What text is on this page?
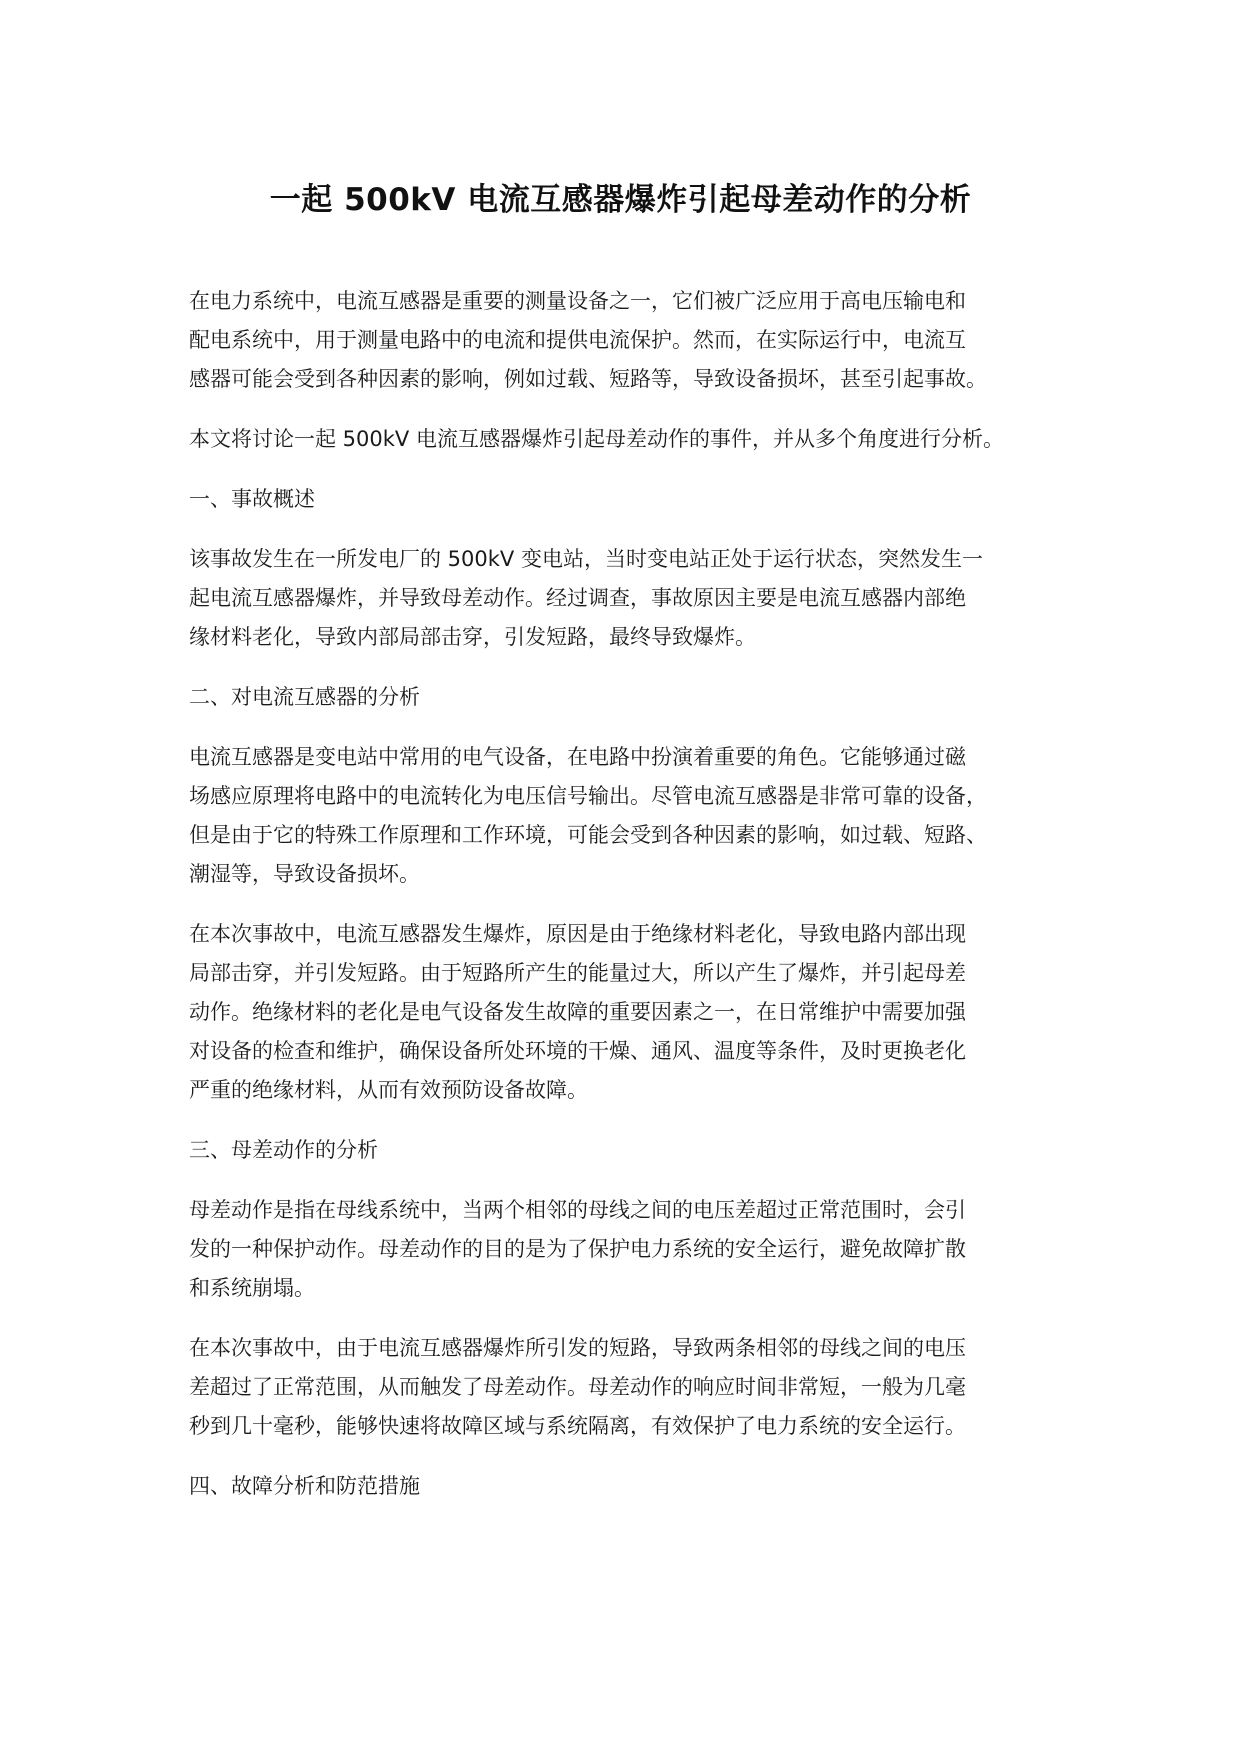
一起 500kV 电流互感器爆炸引起母差动作的分析

在电力系统中，电流互感器是重要的测量设备之一，它们被广泛应用于高电压输电和
配电系统中，用于测量电路中的电流和提供电流保护。然而，在实际运行中，电流互
感器可能会受到各种因素的影响，例如过载、短路等，导致设备损坏，甚至引起事故。

本文将讨论一起 500kV 电流互感器爆炸引起母差动作的事件，并从多个角度进行分析。

一、事故概述

该事故发生在一所发电厂的 500kV 变电站，当时变电站正处于运行状态，突然发生一
起电流互感器爆炸，并导致母差动作。经过调查，事故原因主要是电流互感器内部绝
缘材料老化，导致内部局部击穿，引发短路，最终导致爆炸。

二、对电流互感器的分析

电流互感器是变电站中常用的电气设备，在电路中扮演着重要的角色。它能够通过磁
场感应原理将电路中的电流转化为电压信号输出。尽管电流互感器是非常可靠的设备，
但是由于它的特殊工作原理和工作环境，可能会受到各种因素的影响，如过载、短路、
潮湿等，导致设备损坏。

在本次事故中，电流互感器发生爆炸，原因是由于绝缘材料老化，导致电路内部出现
局部击穿，并引发短路。由于短路所产生的能量过大，所以产生了爆炸，并引起母差
动作。绝缘材料的老化是电气设备发生故障的重要因素之一，在日常维护中需要加强
对设备的检查和维护，确保设备所处环境的干燥、通风、温度等条件，及时更换老化
严重的绝缘材料，从而有效预防设备故障。

三、母差动作的分析

母差动作是指在母线系统中，当两个相邻的母线之间的电压差超过正常范围时，会引
发的一种保护动作。母差动作的目的是为了保护电力系统的安全运行，避免故障扩散
和系统崩塌。

在本次事故中，由于电流互感器爆炸所引发的短路，导致两条相邻的母线之间的电压
差超过了正常范围，从而触发了母差动作。母差动作的响应时间非常短，一般为几毫
秒到几十毫秒，能够快速将故障区域与系统隔离，有效保护了电力系统的安全运行。

四、故障分析和防范措施
